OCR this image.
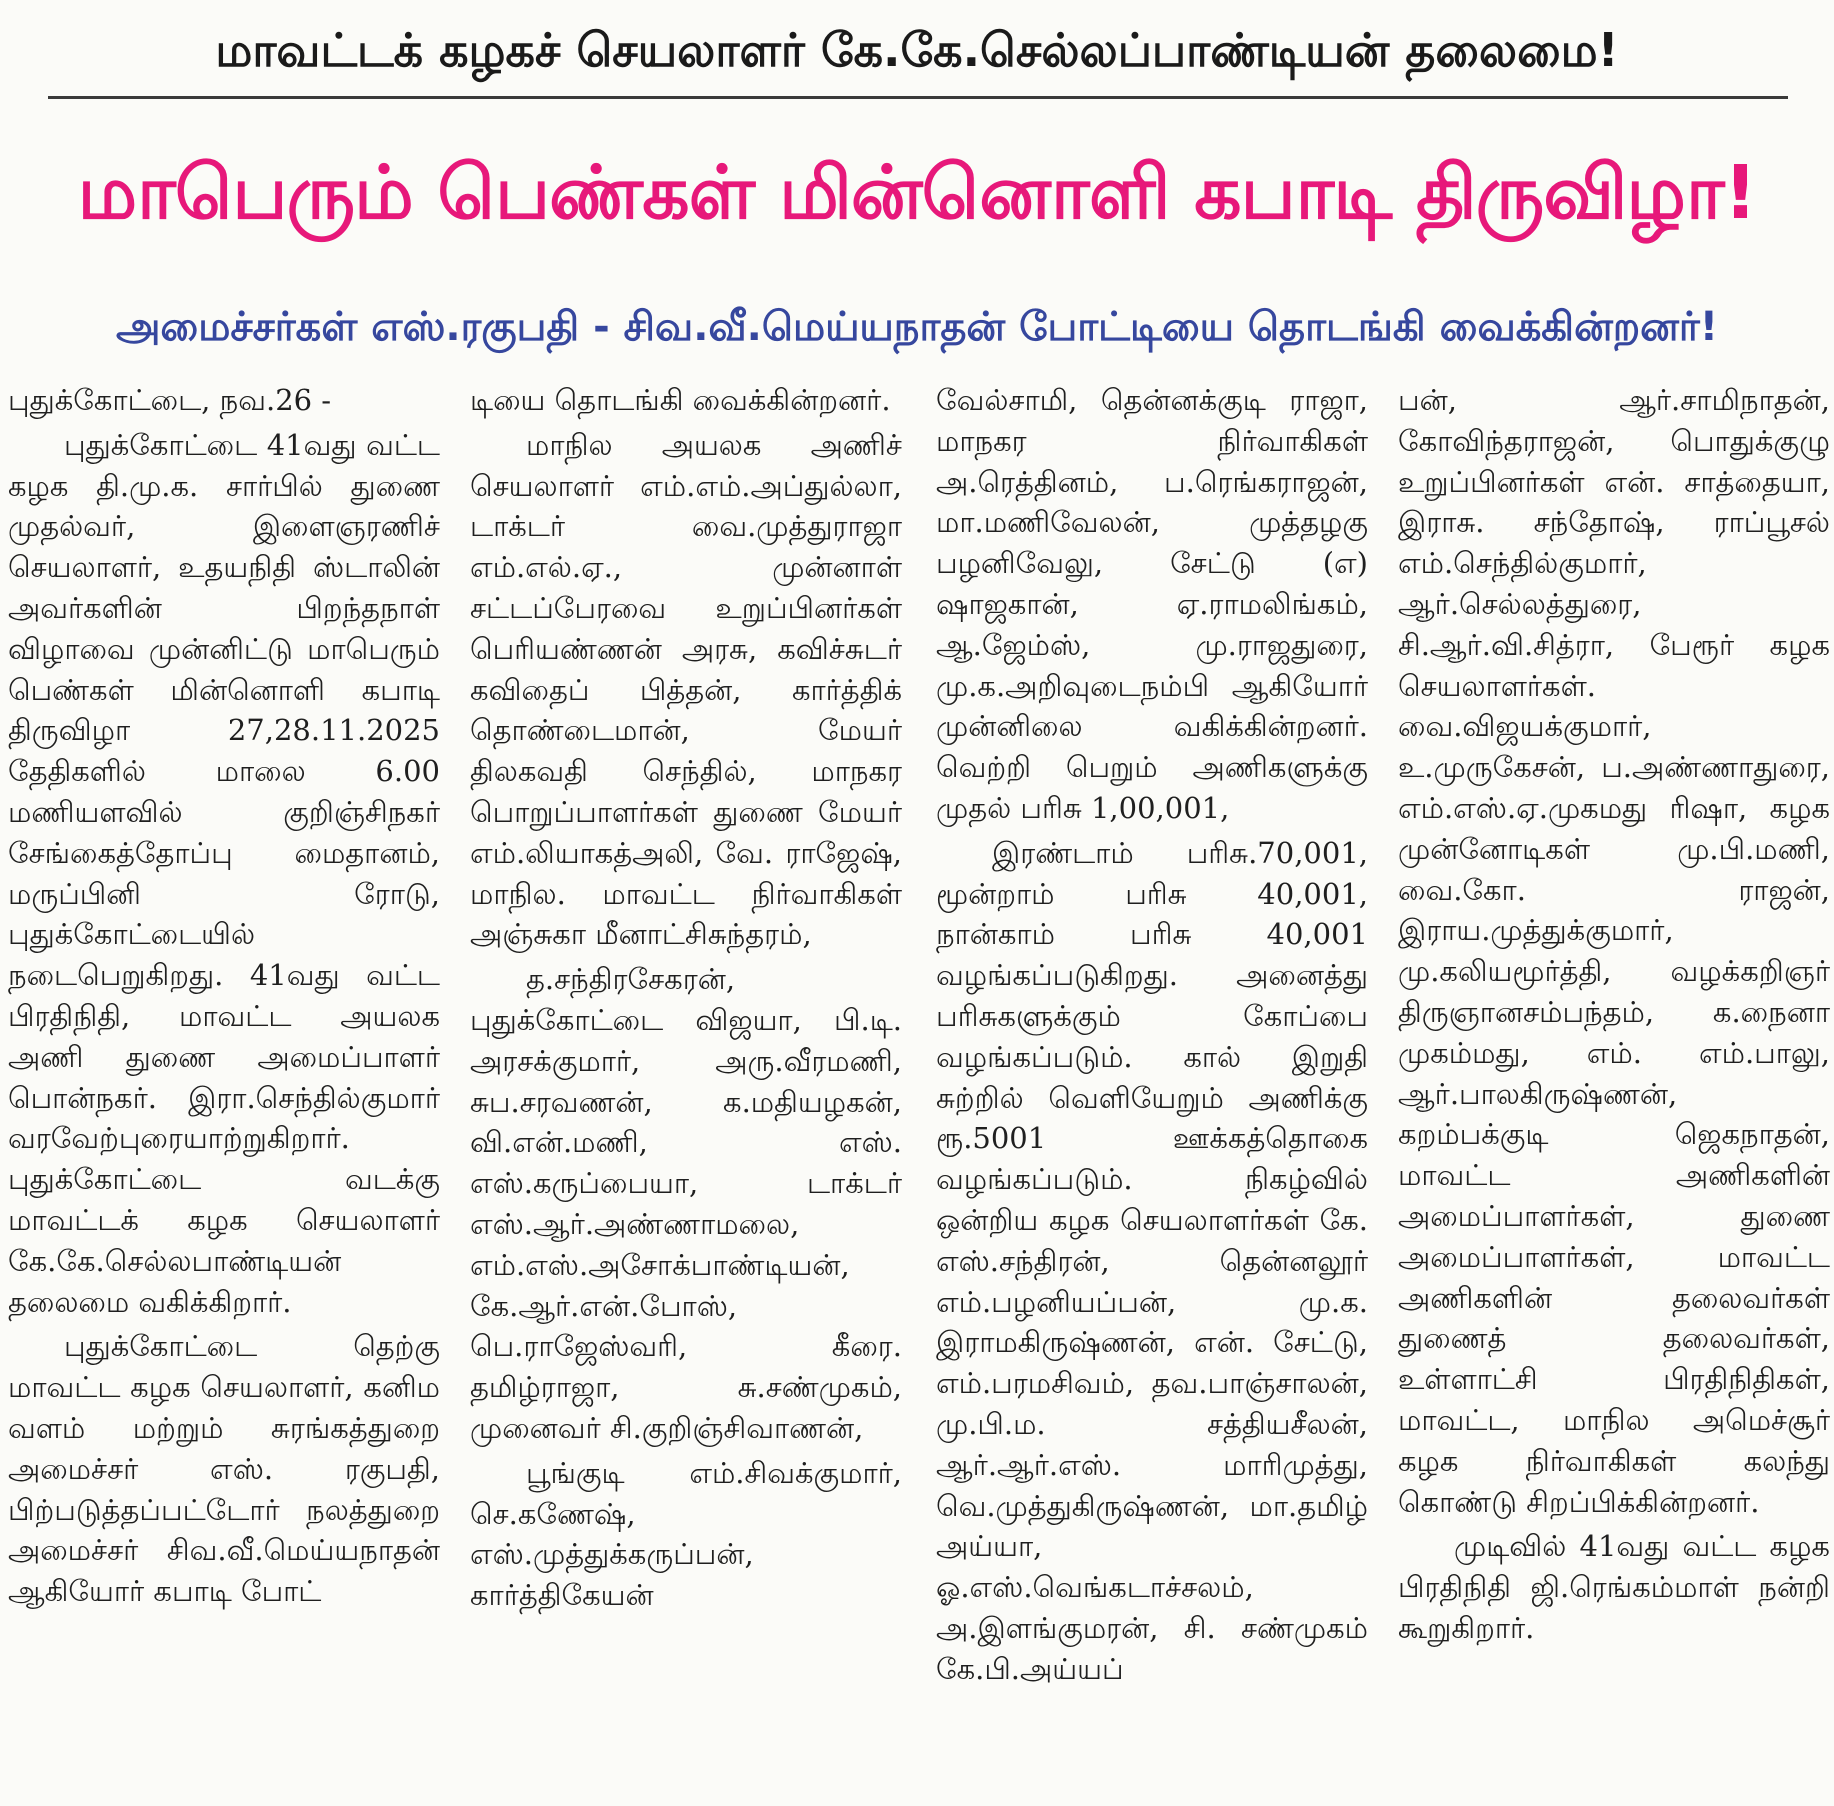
மாவட்டக் கழகச் செயலாளர் கே.கே.செல்லப்பாண்டியன் தலைமை!
மாபெரும் பெண்கள் மின்னொளி கபாடி திருவிழா!
அமைச்சர்கள் எஸ்.ரகுபதி - சிவ.வீ.மெய்யநாதன் போட்டியை தொடங்கி வைக்கின்றனர்!

புதுக்கோட்டை, நவ.26 -

புதுக்கோட்டை 41வது வட்ட கழக தி.மு.க. சார்பில் துணை முதல்வர், இளைஞரணிச் செயலாளர், உதயநிதி ஸ்டாலின் அவர்களின் பிறந்தநாள் விழாவை முன்னிட்டு மாபெரும் பெண்கள் மின்னொளி கபாடி திருவிழா 27,28.11.2025 தேதிகளில் மாலை 6.00 மணியளவில் குறிஞ்சிநகர் சேங்கைத்தோப்பு மைதானம், மருப்பினி ரோடு, புதுக்கோட்டையில் நடைபெறுகிறது. 41வது வட்ட பிரதிநிதி, மாவட்ட அயலக அணி துணை அமைப்பாளர் பொன்நகர். இரா.செந்தில்குமார் வரவேற்புரையாற்றுகிறார். புதுக்கோட்டை வடக்கு மாவட்டக் கழக செயலாளர் கே.கே.செல்லபாண்டியன் தலைமை வகிக்கிறார்.

புதுக்கோட்டை தெற்கு மாவட்ட கழக செயலாளர், கனிம வளம் மற்றும் சுரங்கத்துறை அமைச்சர் எஸ். ரகுபதி, பிற்படுத்தப்பட்டோர் நலத்துறை அமைச்சர் சிவ.வீ.மெய்யநாதன் ஆகியோர் கபாடி போட்

டியை தொடங்கி வைக்கின்றனர்.

மாநில அயலக அணிச் செயலாளர் எம்.எம்.அப்துல்லா, டாக்டர் வை.முத்துராஜா எம்.எல்.ஏ., முன்னாள் சட்டப்பேரவை உறுப்பினர்கள் பெரியண்ணன் அரசு, கவிச்சுடர் கவிதைப் பித்தன், கார்த்திக் தொண்டைமான், மேயர் திலகவதி செந்தில், மாநகர பொறுப்பாளர்கள் துணை மேயர் எம்.லியாகத்அலி, வே. ராஜேஷ், மாநில. மாவட்ட நிர்வாகிகள் அஞ்சுகா மீனாட்சிசுந்தரம்,

த.சந்திரசேகரன், புதுக்கோட்டை விஜயா, பி.டி. அரசக்குமார், அரு.வீரமணி, சுப.சரவணன், க.மதியழகன், வி.என்.மணி, எஸ். எஸ்.கருப்பையா, டாக்டர் எஸ்.ஆர்.அண்ணாமலை, எம்.எஸ்.அசோக்பாண்டியன், கே.ஆர்.என்.போஸ், பெ.ராஜேஸ்வரி, கீரை. தமிழ்ராஜா, சு.சண்முகம், முனைவர் சி.குறிஞ்சிவாணன்,

பூங்குடி எம்.சிவக்குமார், செ.கணேஷ், எஸ்.முத்துக்கருப்பன், கார்த்திகேயன்

வேல்சாமி, தென்னக்குடி ராஜா, மாநகர நிர்வாகிகள் அ.ரெத்தினம், ப.ரெங்கராஜன், மா.மணிவேலன், முத்தழகு பழனிவேலு, சேட்டு (எ) ஷாஜகான், ஏ.ராமலிங்கம், ஆ.ஜேம்ஸ், மு.ராஜதுரை, மு.க.அறிவுடைநம்பி ஆகியோர் முன்னிலை வகிக்கின்றனர். வெற்றி பெறும் அணிகளுக்கு முதல் பரிசு 1,00,001,

இரண்டாம் பரிசு.70,001, மூன்றாம் பரிசு 40,001, நான்காம் பரிசு 40,001 வழங்கப்படுகிறது. அனைத்து பரிசுகளுக்கும் கோப்பை வழங்கப்படும். கால் இறுதி சுற்றில் வெளியேறும் அணிக்கு ரூ.5001 ஊக்கத்தொகை வழங்கப்படும். நிகழ்வில் ஒன்றிய கழக செயலாளர்கள் கே. எஸ்.சந்திரன், தென்னலூர் எம்.பழனியப்பன், மு.க. இராமகிருஷ்ணன், என். சேட்டு, எம்.பரமசிவம், தவ.பாஞ்சாலன், மு.பி.ம. சத்தியசீலன், ஆர்.ஆர்.எஸ். மாரிமுத்து, வெ.முத்துகிருஷ்ணன், மா.தமிழ் அய்யா, ஓ.எஸ்.வெங்கடாச்சலம், அ.இளங்குமரன், சி. சண்முகம் கே.பி.அய்யப்

பன், ஆர்.சாமிநாதன், கோவிந்தராஜன், பொதுக்குழு உறுப்பினர்கள் என். சாத்தையா, இராசு. சந்தோஷ், ராப்பூசல் எம்.செந்தில்குமார், ஆர்.செல்லத்துரை, சி.ஆர்.வி.சித்ரா, பேரூர் கழக செயலாளர்கள். வை.விஜயக்குமார், உ.முருகேசன், ப.அண்ணாதுரை, எம்.எஸ்.ஏ.முகமது ரிஷா, கழக முன்னோடிகள் மு.பி.மணி, வை.கோ. ராஜன், இராய.முத்துக்குமார், மு.கலியமூர்த்தி, வழக்கறிஞர் திருஞானசம்பந்தம், க.நைனா முகம்மது, எம். எம்.பாலு, ஆர்.பாலகிருஷ்ணன், கறம்பக்குடி ஜெகநாதன், மாவட்ட அணிகளின் அமைப்பாளர்கள், துணை அமைப்பாளர்கள், மாவட்ட அணிகளின் தலைவர்கள் துணைத் தலைவர்கள், உள்ளாட்சி பிரதிநிதிகள், மாவட்ட, மாநில அமெச்சூர் கழக நிர்வாகிகள் கலந்து கொண்டு சிறப்பிக்கின்றனர்.

முடிவில் 41வது வட்ட கழக பிரதிநிதி ஜி.ரெங்கம்மாள் நன்றி கூறுகிறார்.
